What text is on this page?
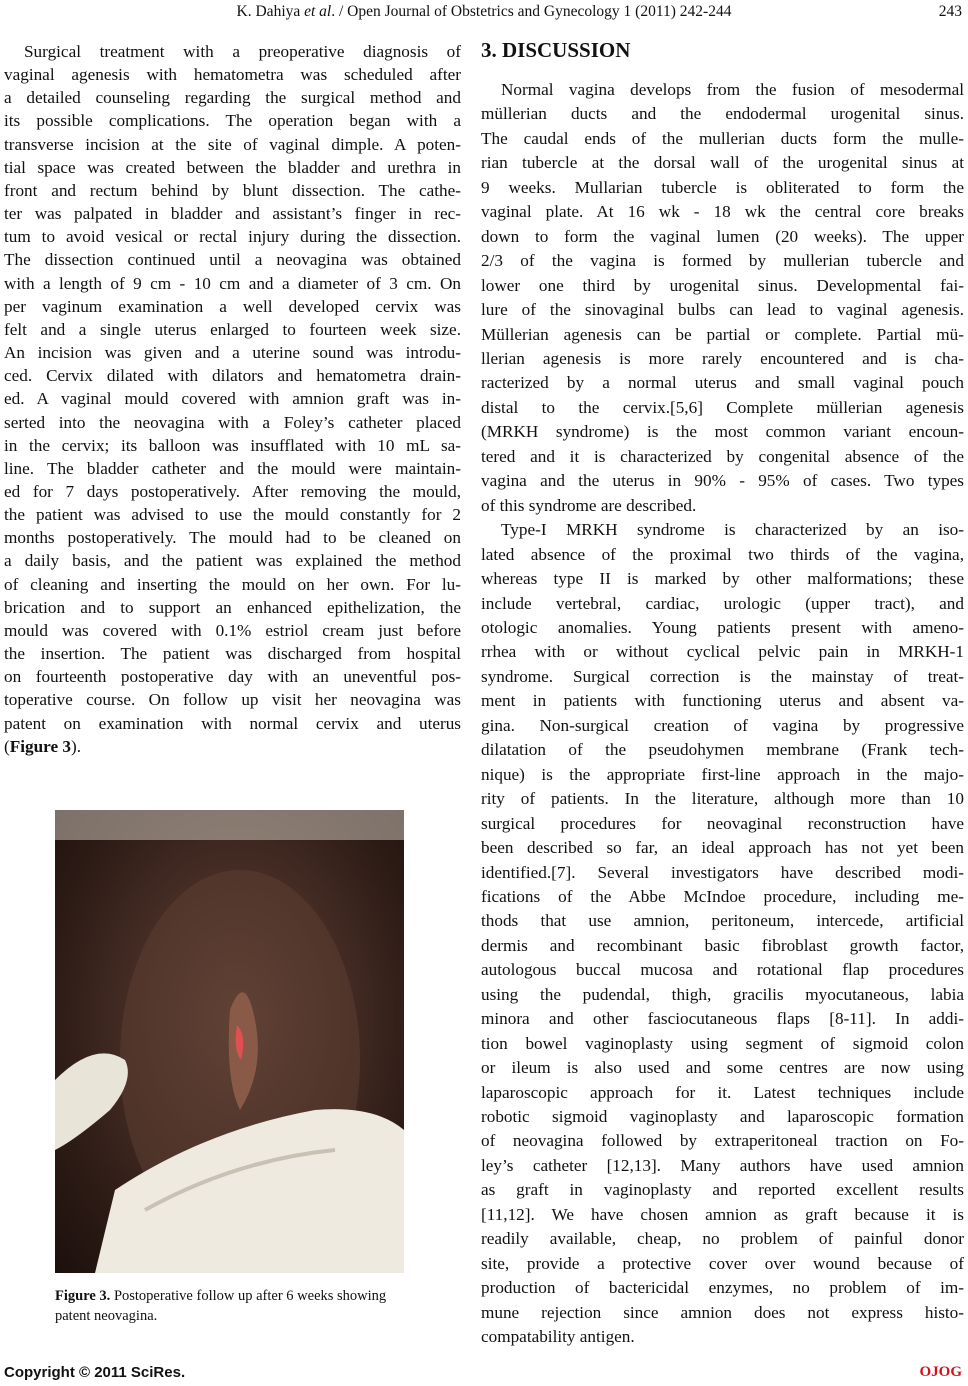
K. Dahiya et al. / Open Journal of Obstetrics and Gynecology 1 (2011) 242-244	243
Surgical treatment with a preoperative diagnosis of
vaginal agenesis with hematometra was scheduled after
a detailed counseling regarding the surgical method and
its possible complications. The operation began with a
transverse incision at the site of vaginal dimple. A poten-
tial space was created between the bladder and urethra in
front and rectum behind by blunt dissection. The cathe-
ter was palpated in bladder and assistant’s finger in rec-
tum to avoid vesical or rectal injury during the dissection.
The dissection continued until a neovagina was obtained
with a length of 9 cm - 10 cm and a diameter of 3 cm. On
per vaginum examination a well developed cervix was
felt and a single uterus enlarged to fourteen week size.
An incision was given and a uterine sound was introdu-
ced. Cervix dilated with dilators and hematometra drain-
ed. A vaginal mould covered with amnion graft was in-
serted into the neovagina with a Foley’s catheter placed
in the cervix; its balloon was insufflated with 10 mL sa-
line. The bladder catheter and the mould were maintain-
ed for 7 days postoperatively. After removing the mould,
the patient was advised to use the mould constantly for 2
months postoperatively. The mould had to be cleaned on
a daily basis, and the patient was explained the method
of cleaning and inserting the mould on her own. For lu-
brication and to support an enhanced epithelization, the
mould was covered with 0.1% estriol cream just before
the insertion. The patient was discharged from hospital
on fourteenth postoperative day with an uneventful pos-
toperative course. On follow up visit her neovagina was
patent on examination with normal cervix and uterus
(Figure 3).
3. DISCUSSION
Normal vagina develops from the fusion of mesodermal
müllerian ducts and the endodermal urogenital sinus.
The caudal ends of the mullerian ducts form the mulle-
rian tubercle at the dorsal wall of the urogenital sinus at
9 weeks. Mullarian tubercle is obliterated to form the
vaginal plate. At 16 wk - 18 wk the central core breaks
down to form the vaginal lumen (20 weeks). The upper
2/3 of the vagina is formed by mullerian tubercle and
lower one third by urogenital sinus. Developmental fai-
lure of the sinovaginal bulbs can lead to vaginal agenesis.
Müllerian agenesis can be partial or complete. Partial mü-
llerian agenesis is more rarely encountered and is cha-
racterized by a normal uterus and small vaginal pouch
distal to the cervix.[5,6] Complete müllerian agenesis
(MRKH syndrome) is the most common variant encoun-
tered and it is characterized by congenital absence of the
vagina and the uterus in 90% - 95% of cases. Two types
of this syndrome are described.
Type-I MRKH syndrome is characterized by an iso-
lated absence of the proximal two thirds of the vagina,
whereas type II is marked by other malformations; these
include vertebral, cardiac, urologic (upper tract), and
otologic anomalies. Young patients present with ameno-
rrhea with or without cyclical pelvic pain in MRKH-1
syndrome. Surgical correction is the mainstay of treat-
ment in patients with functioning uterus and absent va-
gina. Non-surgical creation of vagina by progressive
dilatation of the pseudohymen membrane (Frank tech-
nique) is the appropriate first-line approach in the majo-
rity of patients. In the literature, although more than 10
surgical procedures for neovaginal reconstruction have
been described so far, an ideal approach has not yet been
identified.[7]. Several investigators have described modi-
fications of the Abbe McIndoe procedure, including me-
thods that use amnion, peritoneum, intercede, artificial
dermis and recombinant basic fibroblast growth factor,
autologous buccal mucosa and rotational flap procedures
using the pudendal, thigh, gracilis myocutaneous, labia
minora and other fasciocutaneous flaps [8-11]. In addi-
tion bowel vaginoplasty using segment of sigmoid colon
or ileum is also used and some centres are now using
laparoscopic approach for it. Latest techniques include
robotic sigmoid vaginoplasty and laparoscopic formation
of neovagina followed by extraperitoneal traction on Fo-
ley’s catheter [12,13]. Many authors have used amnion
as graft in vaginoplasty and reported excellent results
[11,12]. We have chosen amnion as graft because it is
readily available, cheap, no problem of painful donor
site, provide a protective cover over wound because of
production of bactericidal enzymes, no problem of im-
mune rejection since amnion does not express histo-
compatability antigen.
Figure 3. Postoperative follow up after 6 weeks showing patent neovagina.
Copyright © 2011 SciRes.	OJOG
